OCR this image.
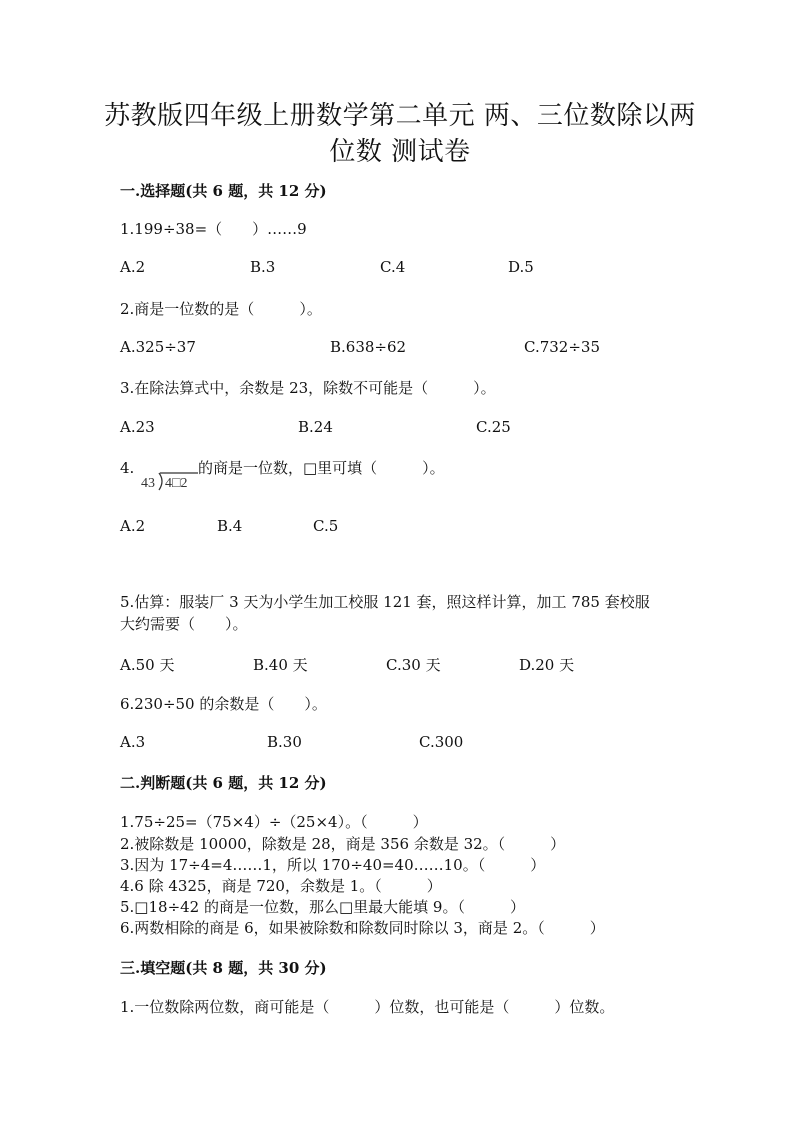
苏教版四年级上册数学第二单元 两、三位数除以两
位数 测试卷
一.选择题(共 6 题，共 12 分)
1.199÷38=（　　）……9
A.2	B.3	C.4	D.5
2.商是一位数的是（　　　）。
A.325÷37	B.638÷62	C.732÷35
3.在除法算式中，余数是 23，除数不可能是（　　　）。
A.23	B.24	C.25
4.
43 4□2
的商是一位数，□里可填（　　　）。
A.2	B.4	C.5
5.估算：服装厂 3 天为小学生加工校服 121 套，照这样计算，加工 785 套校服
大约需要（　　）。
A.50 天	B.40 天	C.30 天	D.20 天
6.230÷50 的余数是（　　）。
A.3	B.30	C.300
二.判断题(共 6 题，共 12 分)
1.75÷25=（75×4）÷（25×4）。（　　　）
2.被除数是 10000，除数是 28，商是 356 余数是 32。（　　　）
3.因为 17÷4=4……1，所以 170÷40=40……10。（　　　）
4.6 除 4325，商是 720，余数是 1。（　　　）
5.□18÷42 的商是一位数，那么□里最大能填 9。（　　　）
6.两数相除的商是 6，如果被除数和除数同时除以 3，商是 2。（　　　）
三.填空题(共 8 题，共 30 分)
1.一位数除两位数，商可能是（　　　）位数，也可能是（　　　）位数。
